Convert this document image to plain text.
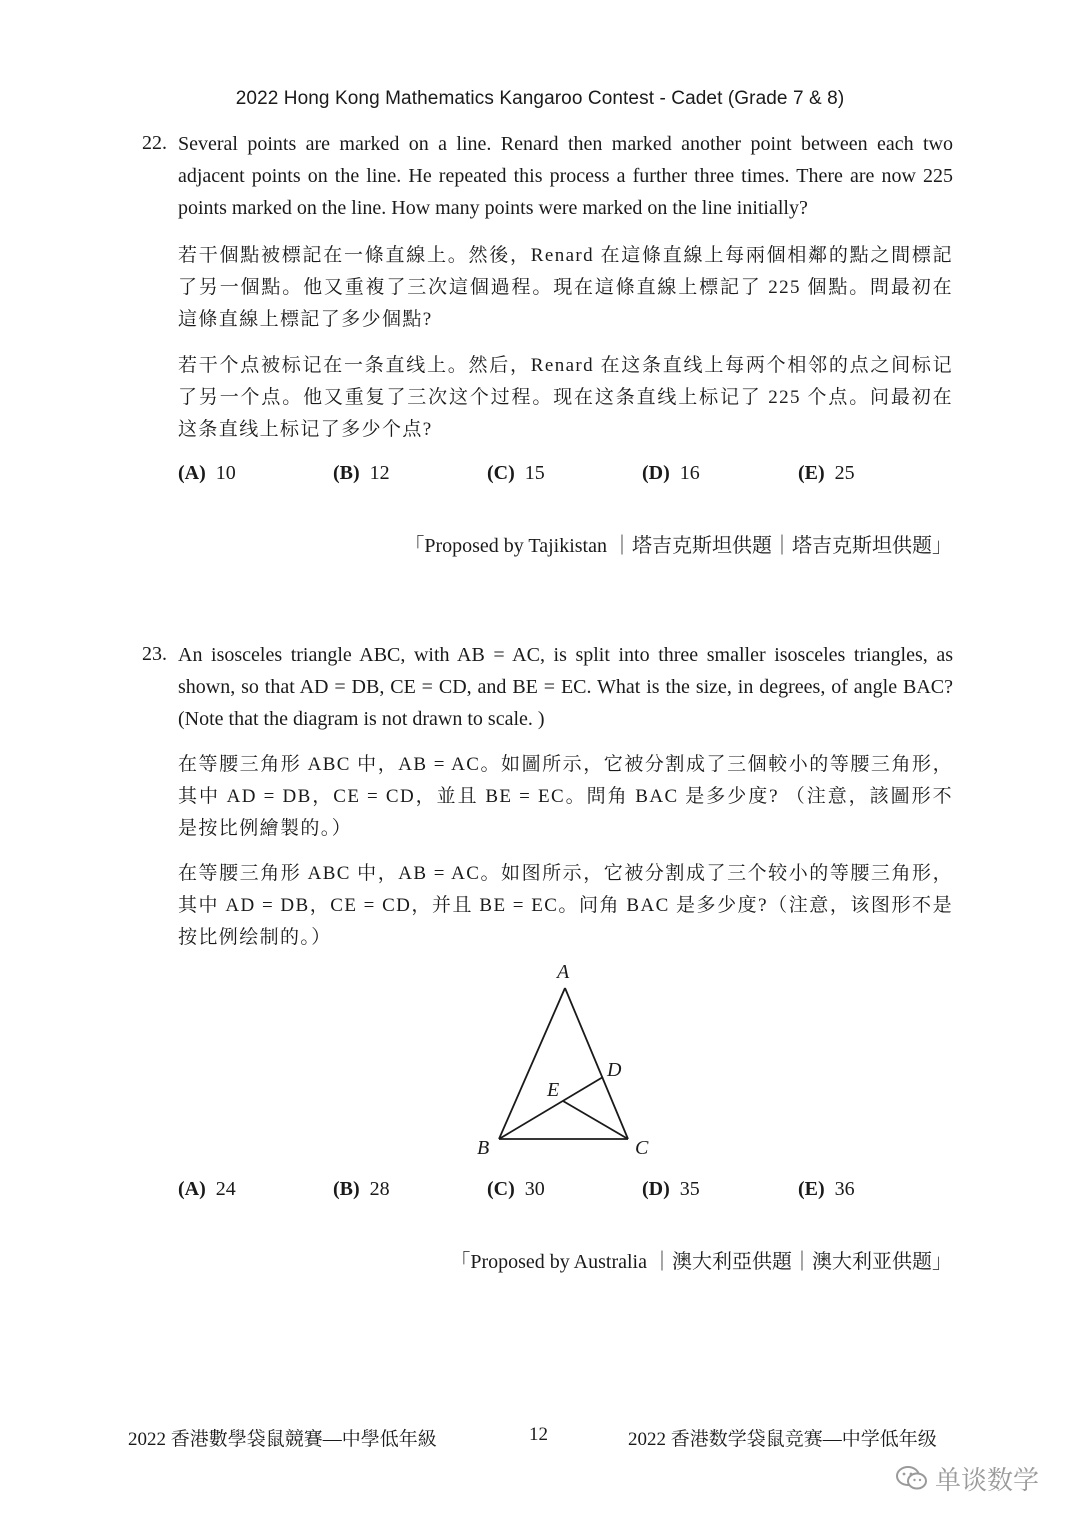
2022 Hong Kong Mathematics Kangaroo Contest - Cadet (Grade 7 & 8)
22. Several points are marked on a line. Renard then marked another point between each two adjacent points on the line. He repeated this process a further three times. There are now 225 points marked on the line. How many points were marked on the line initially?
若干個點被標記在一條直線上。然後，Renard 在這條直線上每兩個相鄰的點之間標記了另一個點。他又重複了三次這個過程。現在這條直線上標記了 225 個點。問最初在這條直線上標記了多少個點?
若干个点被标记在一条直线上。然后，Renard 在这条直线上每两个相邻的点之间标记了另一个点。他又重复了三次这个过程。现在这条直线上标记了 225 个点。问最初在这条直线上标记了多少个点?
(A) 10	(B) 12	(C) 15	(D) 16	(E) 25
「Proposed by Tajikistan ｜塔吉克斯坦供題｜塔吉克斯坦供题」
23. An isosceles triangle ABC, with AB = AC, is split into three smaller isosceles triangles, as shown, so that AD = DB, CE = CD, and BE = EC. What is the size, in degrees, of angle BAC? (Note that the diagram is not drawn to scale. )
在等腰三角形 ABC 中，AB = AC。如圖所示，它被分割成了三個較小的等腰三角形，其中 AD = DB，CE = CD，並且 BE = EC。問角 BAC 是多少度? （注意，該圖形不是按比例繪製的。）
在等腰三角形 ABC 中，AB = AC。如图所示，它被分割成了三个较小的等腰三角形，其中 AD = DB，CE = CD，并且 BE = EC。问角 BAC 是多少度?（注意，该图形不是按比例绘制的。）
A
D
E
B	C
(A) 24	(B) 28	(C) 30	(D) 35	(E) 36
「Proposed by Australia ｜澳大利亞供題｜澳大利亚供题」
2022 香港數學袋鼠競賽—中學低年級	12	2022 香港数学袋鼠竞赛—中学低年级
单谈数学
